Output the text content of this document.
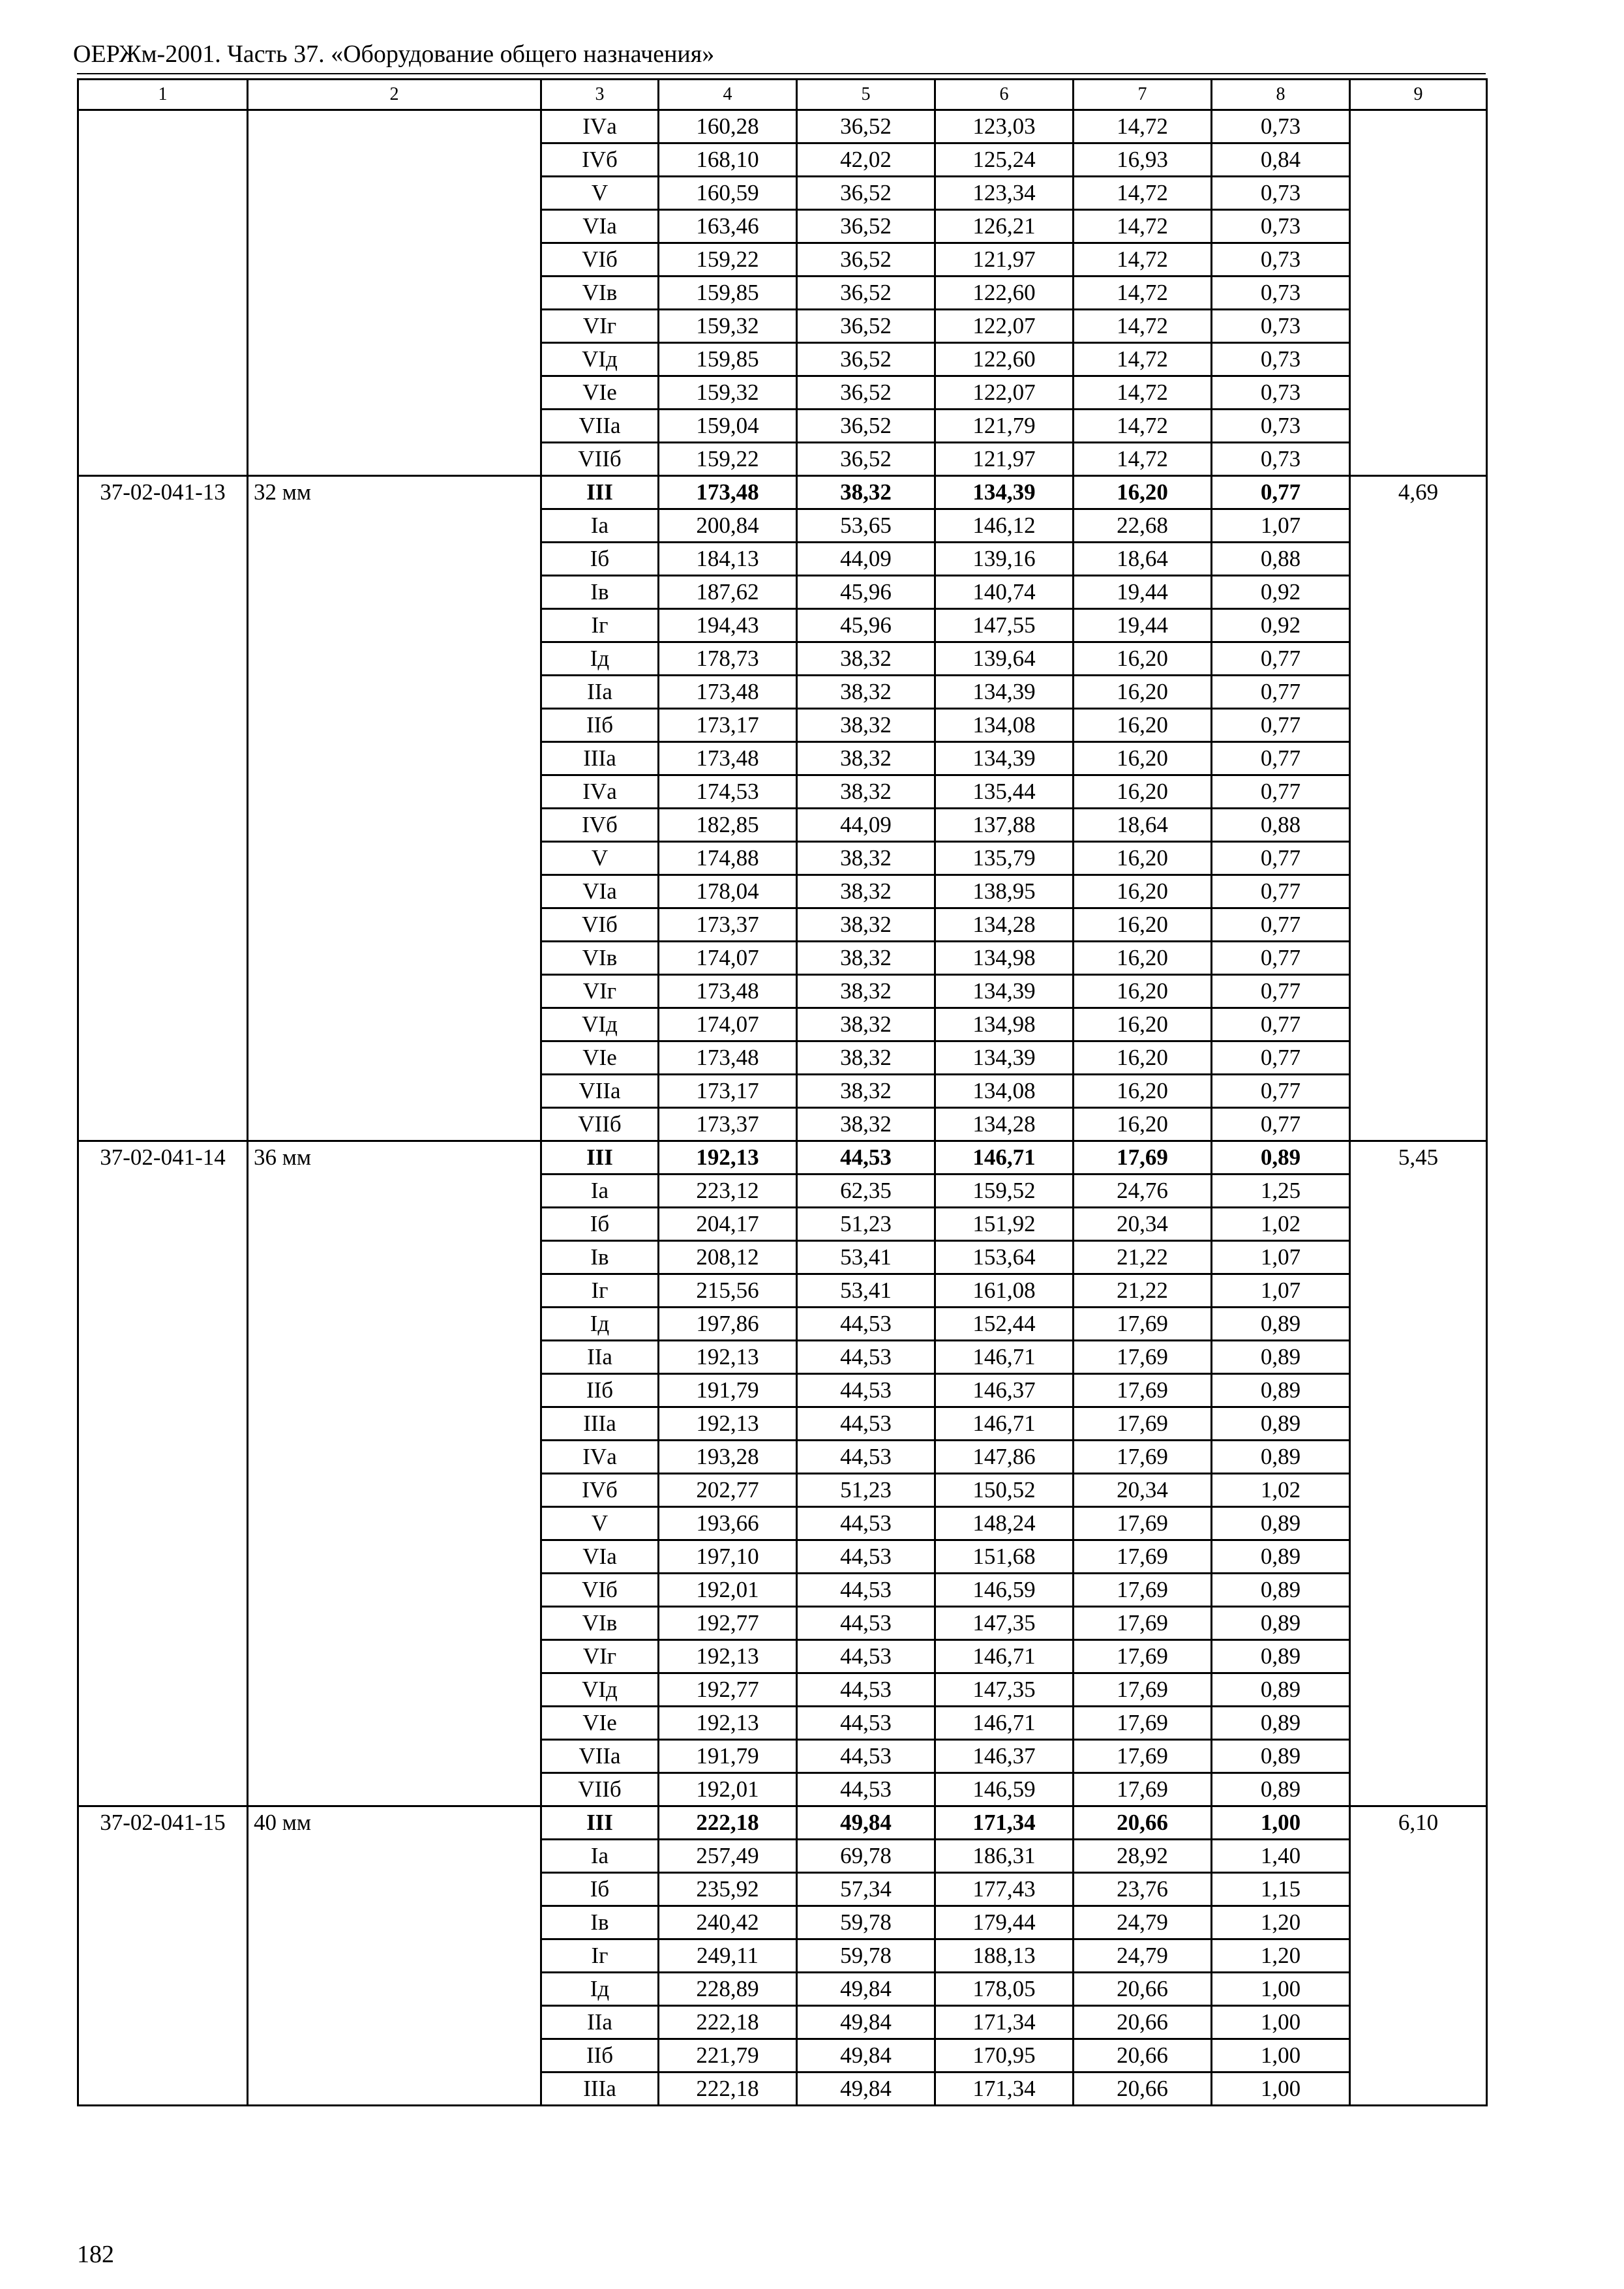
ОЕРЖм-2001. Часть 37. «Оборудование общего назначения»
1	2	3	4	5	6	7	8	9
		IVа	160,28	36,52	123,03	14,72	0,73	
		IVб	168,10	42,02	125,24	16,93	0,84	
		V	160,59	36,52	123,34	14,72	0,73	
		VIа	163,46	36,52	126,21	14,72	0,73	
		VIб	159,22	36,52	121,97	14,72	0,73	
		VIв	159,85	36,52	122,60	14,72	0,73	
		VIг	159,32	36,52	122,07	14,72	0,73	
		VIд	159,85	36,52	122,60	14,72	0,73	
		VIе	159,32	36,52	122,07	14,72	0,73	
		VIIа	159,04	36,52	121,79	14,72	0,73	
		VIIб	159,22	36,52	121,97	14,72	0,73	
37-02-041-13	32 мм	III	173,48	38,32	134,39	16,20	0,77	4,69
		Iа	200,84	53,65	146,12	22,68	1,07	
		Iб	184,13	44,09	139,16	18,64	0,88	
		Iв	187,62	45,96	140,74	19,44	0,92	
		Iг	194,43	45,96	147,55	19,44	0,92	
		Iд	178,73	38,32	139,64	16,20	0,77	
		IIа	173,48	38,32	134,39	16,20	0,77	
		IIб	173,17	38,32	134,08	16,20	0,77	
		IIIа	173,48	38,32	134,39	16,20	0,77	
		IVа	174,53	38,32	135,44	16,20	0,77	
		IVб	182,85	44,09	137,88	18,64	0,88	
		V	174,88	38,32	135,79	16,20	0,77	
		VIа	178,04	38,32	138,95	16,20	0,77	
		VIб	173,37	38,32	134,28	16,20	0,77	
		VIв	174,07	38,32	134,98	16,20	0,77	
		VIг	173,48	38,32	134,39	16,20	0,77	
		VIд	174,07	38,32	134,98	16,20	0,77	
		VIе	173,48	38,32	134,39	16,20	0,77	
		VIIа	173,17	38,32	134,08	16,20	0,77	
		VIIб	173,37	38,32	134,28	16,20	0,77	
37-02-041-14	36 мм	III	192,13	44,53	146,71	17,69	0,89	5,45
		Iа	223,12	62,35	159,52	24,76	1,25	
		Iб	204,17	51,23	151,92	20,34	1,02	
		Iв	208,12	53,41	153,64	21,22	1,07	
		Iг	215,56	53,41	161,08	21,22	1,07	
		Iд	197,86	44,53	152,44	17,69	0,89	
		IIа	192,13	44,53	146,71	17,69	0,89	
		IIб	191,79	44,53	146,37	17,69	0,89	
		IIIа	192,13	44,53	146,71	17,69	0,89	
		IVа	193,28	44,53	147,86	17,69	0,89	
		IVб	202,77	51,23	150,52	20,34	1,02	
		V	193,66	44,53	148,24	17,69	0,89	
		VIа	197,10	44,53	151,68	17,69	0,89	
		VIб	192,01	44,53	146,59	17,69	0,89	
		VIв	192,77	44,53	147,35	17,69	0,89	
		VIг	192,13	44,53	146,71	17,69	0,89	
		VIд	192,77	44,53	147,35	17,69	0,89	
		VIе	192,13	44,53	146,71	17,69	0,89	
		VIIа	191,79	44,53	146,37	17,69	0,89	
		VIIб	192,01	44,53	146,59	17,69	0,89	
37-02-041-15	40 мм	III	222,18	49,84	171,34	20,66	1,00	6,10
		Iа	257,49	69,78	186,31	28,92	1,40	
		Iб	235,92	57,34	177,43	23,76	1,15	
		Iв	240,42	59,78	179,44	24,79	1,20	
		Iг	249,11	59,78	188,13	24,79	1,20	
		Iд	228,89	49,84	178,05	20,66	1,00	
		IIа	222,18	49,84	171,34	20,66	1,00	
		IIб	221,79	49,84	170,95	20,66	1,00	
		IIIа	222,18	49,84	171,34	20,66	1,00	
182
